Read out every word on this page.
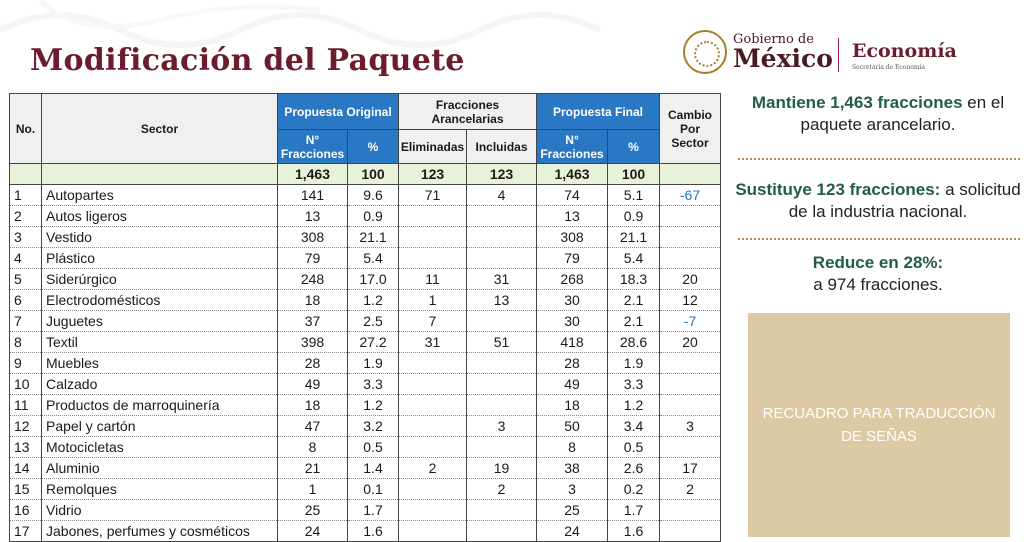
Modificación del Paquete

Gobierno de
México Economía
Secretaría de Economía
No.	Sector	Propuesta Original		Fracciones Arancelarias		Propuesta Final		Cambio Por Sector
		N° Fracciones	%	Eliminadas	Incluidas	N° Fracciones	%	
		1,463	100	123	123	1,463	100	
1	Autopartes	141	9.6	71	4	74	5.1	-67
2	Autos ligeros	13	0.9			13	0.9	
3	Vestido	308	21.1			308	21.1	
4	Plástico	79	5.4			79	5.4	
5	Siderúrgico	248	17.0	11	31	268	18.3	20
6	Electrodomésticos	18	1.2	1	13	30	2.1	12
7	Juguetes	37	2.5	7		30	2.1	-7
8	Textil	398	27.2	31	51	418	28.6	20
9	Muebles	28	1.9			28	1.9	
10	Calzado	49	3.3			49	3.3	
11	Productos de marroquinería	18	1.2			18	1.2	
12	Papel y cartón	47	3.2		3	50	3.4	3
13	Motocicletas	8	0.5			8	0.5	
14	Aluminio	21	1.4	2	19	38	2.6	17
15	Remolques	1	0.1		2	3	0.2	2
16	Vidrio	25	1.7			25	1.7	
17	Jabones, perfumes y cosméticos	24	1.6			24	1.6	
Mantiene 1,463 fracciones en el paquete arancelario.
Sustituye 123 fracciones: a solicitud de la industria nacional.
Reduce en 28%:
a 974 fracciones.
RECUADRO PARA TRADUCCIÓN DE SEÑAS
